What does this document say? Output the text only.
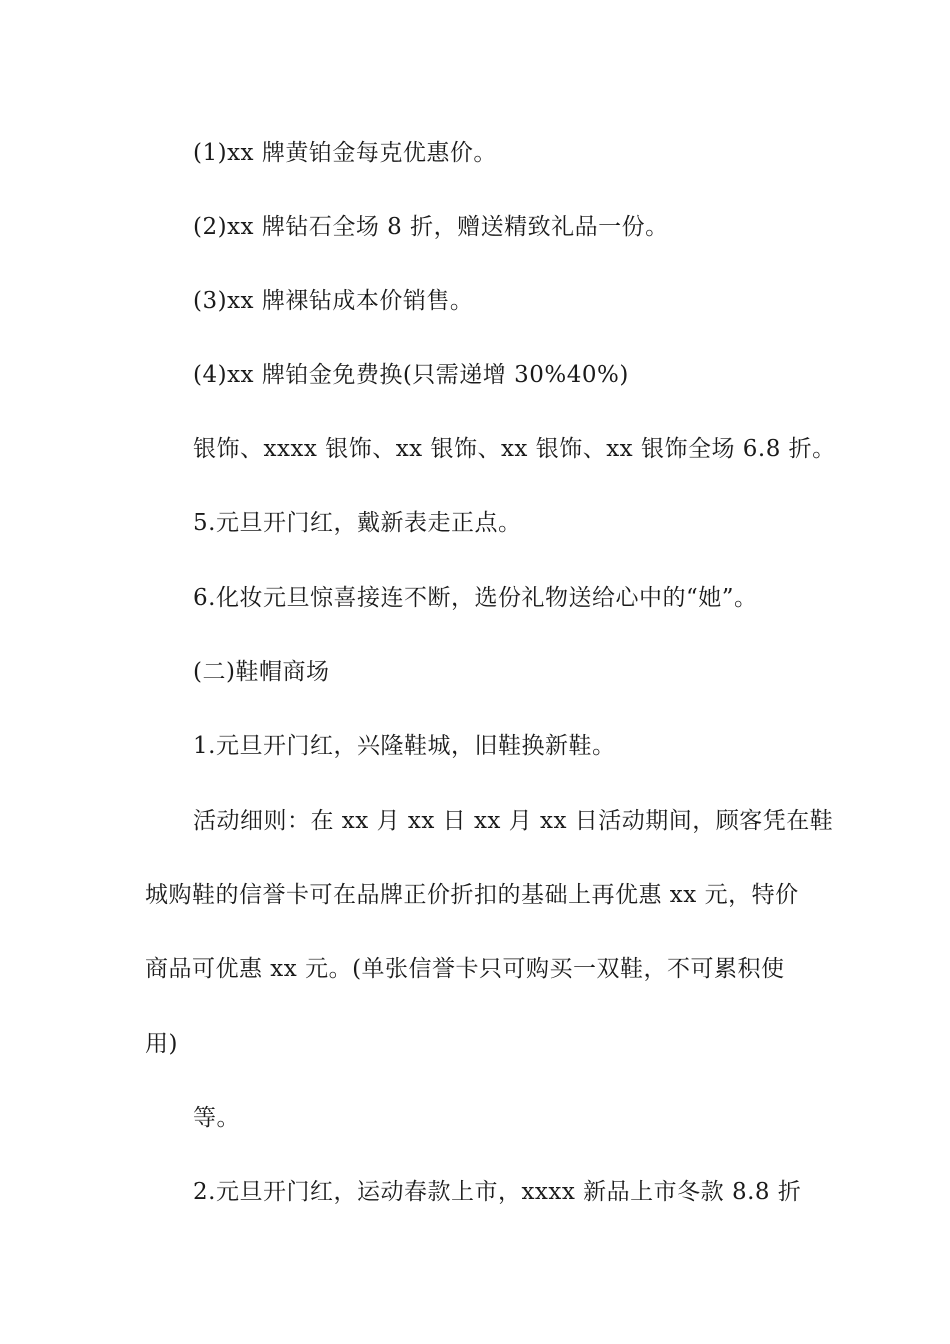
(1)xx 牌黄铂金每克优惠价。
(2)xx 牌钻石全场 8 折，赠送精致礼品一份。
(3)xx 牌裸钻成本价销售。
(4)xx 牌铂金免费换(只需递增 30%40%)
银饰、xxxx 银饰、xx 银饰、xx 银饰、xx 银饰全场 6.8 折。
5.元旦开门红，戴新表走正点。
6.化妆元旦惊喜接连不断，选份礼物送给心中的“她”。
(二)鞋帽商场
1.元旦开门红，兴隆鞋城，旧鞋换新鞋。
活动细则：在 xx 月 xx 日 xx 月 xx 日活动期间，顾客凭在鞋
城购鞋的信誉卡可在品牌正价折扣的基础上再优惠 xx 元，特价
商品可优惠 xx 元。(单张信誉卡只可购买一双鞋，不可累积使
用)
等。
2.元旦开门红，运动春款上市，xxxx 新品上市冬款 8.8 折
